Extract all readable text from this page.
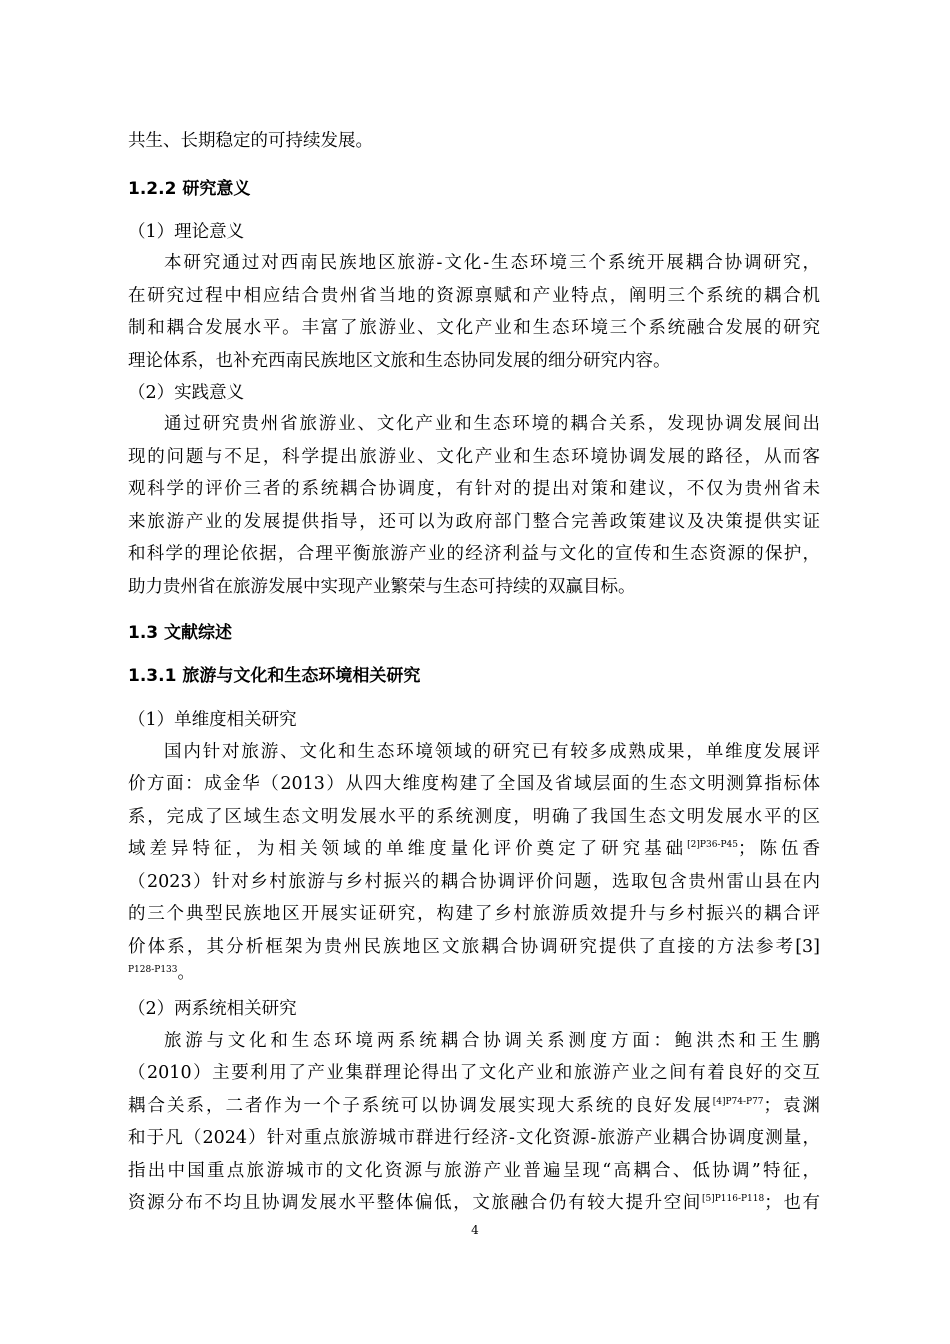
共生、长期稳定的可持续发展。
1.2.2 研究意义
（1）理论意义
本研究通过对西南民族地区旅游-文化-生态环境三个系统开展耦合协调研究，
在研究过程中相应结合贵州省当地的资源禀赋和产业特点，阐明三个系统的耦合机
制和耦合发展水平。丰富了旅游业、文化产业和生态环境三个系统融合发展的研究
理论体系，也补充西南民族地区文旅和生态协同发展的细分研究内容。
（2）实践意义
通过研究贵州省旅游业、文化产业和生态环境的耦合关系，发现协调发展间出
现的问题与不足，科学提出旅游业、文化产业和生态环境协调发展的路径，从而客
观科学的评价三者的系统耦合协调度，有针对的提出对策和建议，不仅为贵州省未
来旅游产业的发展提供指导，还可以为政府部门整合完善政策建议及决策提供实证
和科学的理论依据，合理平衡旅游产业的经济利益与文化的宣传和生态资源的保护，
助力贵州省在旅游发展中实现产业繁荣与生态可持续的双赢目标。
1.3 文献综述
1.3.1 旅游与文化和生态环境相关研究
（1）单维度相关研究
国内针对旅游、文化和生态环境领域的研究已有较多成熟成果，单维度发展评
价方面：成金华（2013）从四大维度构建了全国及省域层面的生态文明测算指标体
系，完成了区域生态文明发展水平的系统测度，明确了我国生态文明发展水平的区
域差异特征，为相关领域的单维度量化评价奠定了研究基础$^{[2]P36-P45}$；陈伍香
（2023）针对乡村旅游与乡村振兴的耦合协调评价问题，选取包含贵州雷山县在内
的三个典型民族地区开展实证研究，构建了乡村旅游质效提升与乡村振兴的耦合评
价体系，其分析框架为贵州民族地区文旅耦合协调研究提供了直接的方法参考[3]
P128-P133。
（2）两系统相关研究
旅游与文化和生态环境两系统耦合协调关系测度方面：鲍洪杰和王生鹏
（2010）主要利用了产业集群理论得出了文化产业和旅游产业之间有着良好的交互
耦合关系，二者作为一个子系统可以协调发展实现大系统的良好发展$^{[4]P74-P77}$；袁渊
和于凡（2024）针对重点旅游城市群进行经济-文化资源-旅游产业耦合协调度测量，
指出中国重点旅游城市的文化资源与旅游产业普遍呈现“高耦合、低协调”特征，
资源分布不均且协调发展水平整体偏低，文旅融合仍有较大提升空间$^{[5]P116-P118}$；也有
4
